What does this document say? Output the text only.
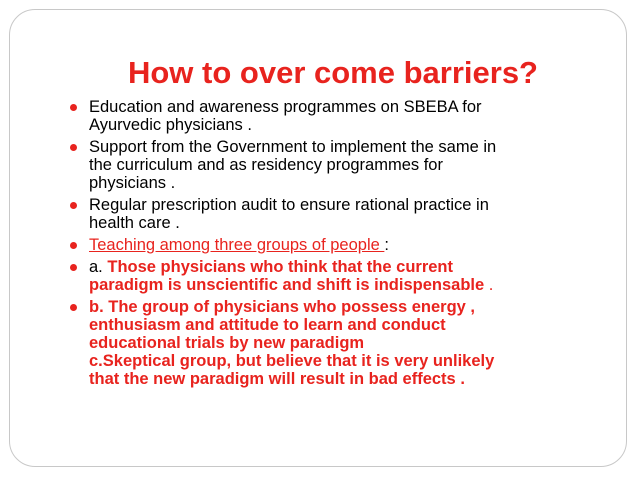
How to over come barriers?
Education and awareness programmes on SBEBA for
Ayurvedic physicians .
Support from the Government to implement the same in
the curriculum and as residency programmes for
physicians .
Regular prescription audit to ensure rational practice in
health care .
Teaching among three groups of people :
a. Those physicians who think that the current
paradigm is unscientific and shift is indispensable .
b. The group of physicians who possess energy ,
enthusiasm and attitude to learn and conduct
educational trials by new paradigm
c.Skeptical group, but believe that it is very unlikely
that the new paradigm will result in bad effects .
